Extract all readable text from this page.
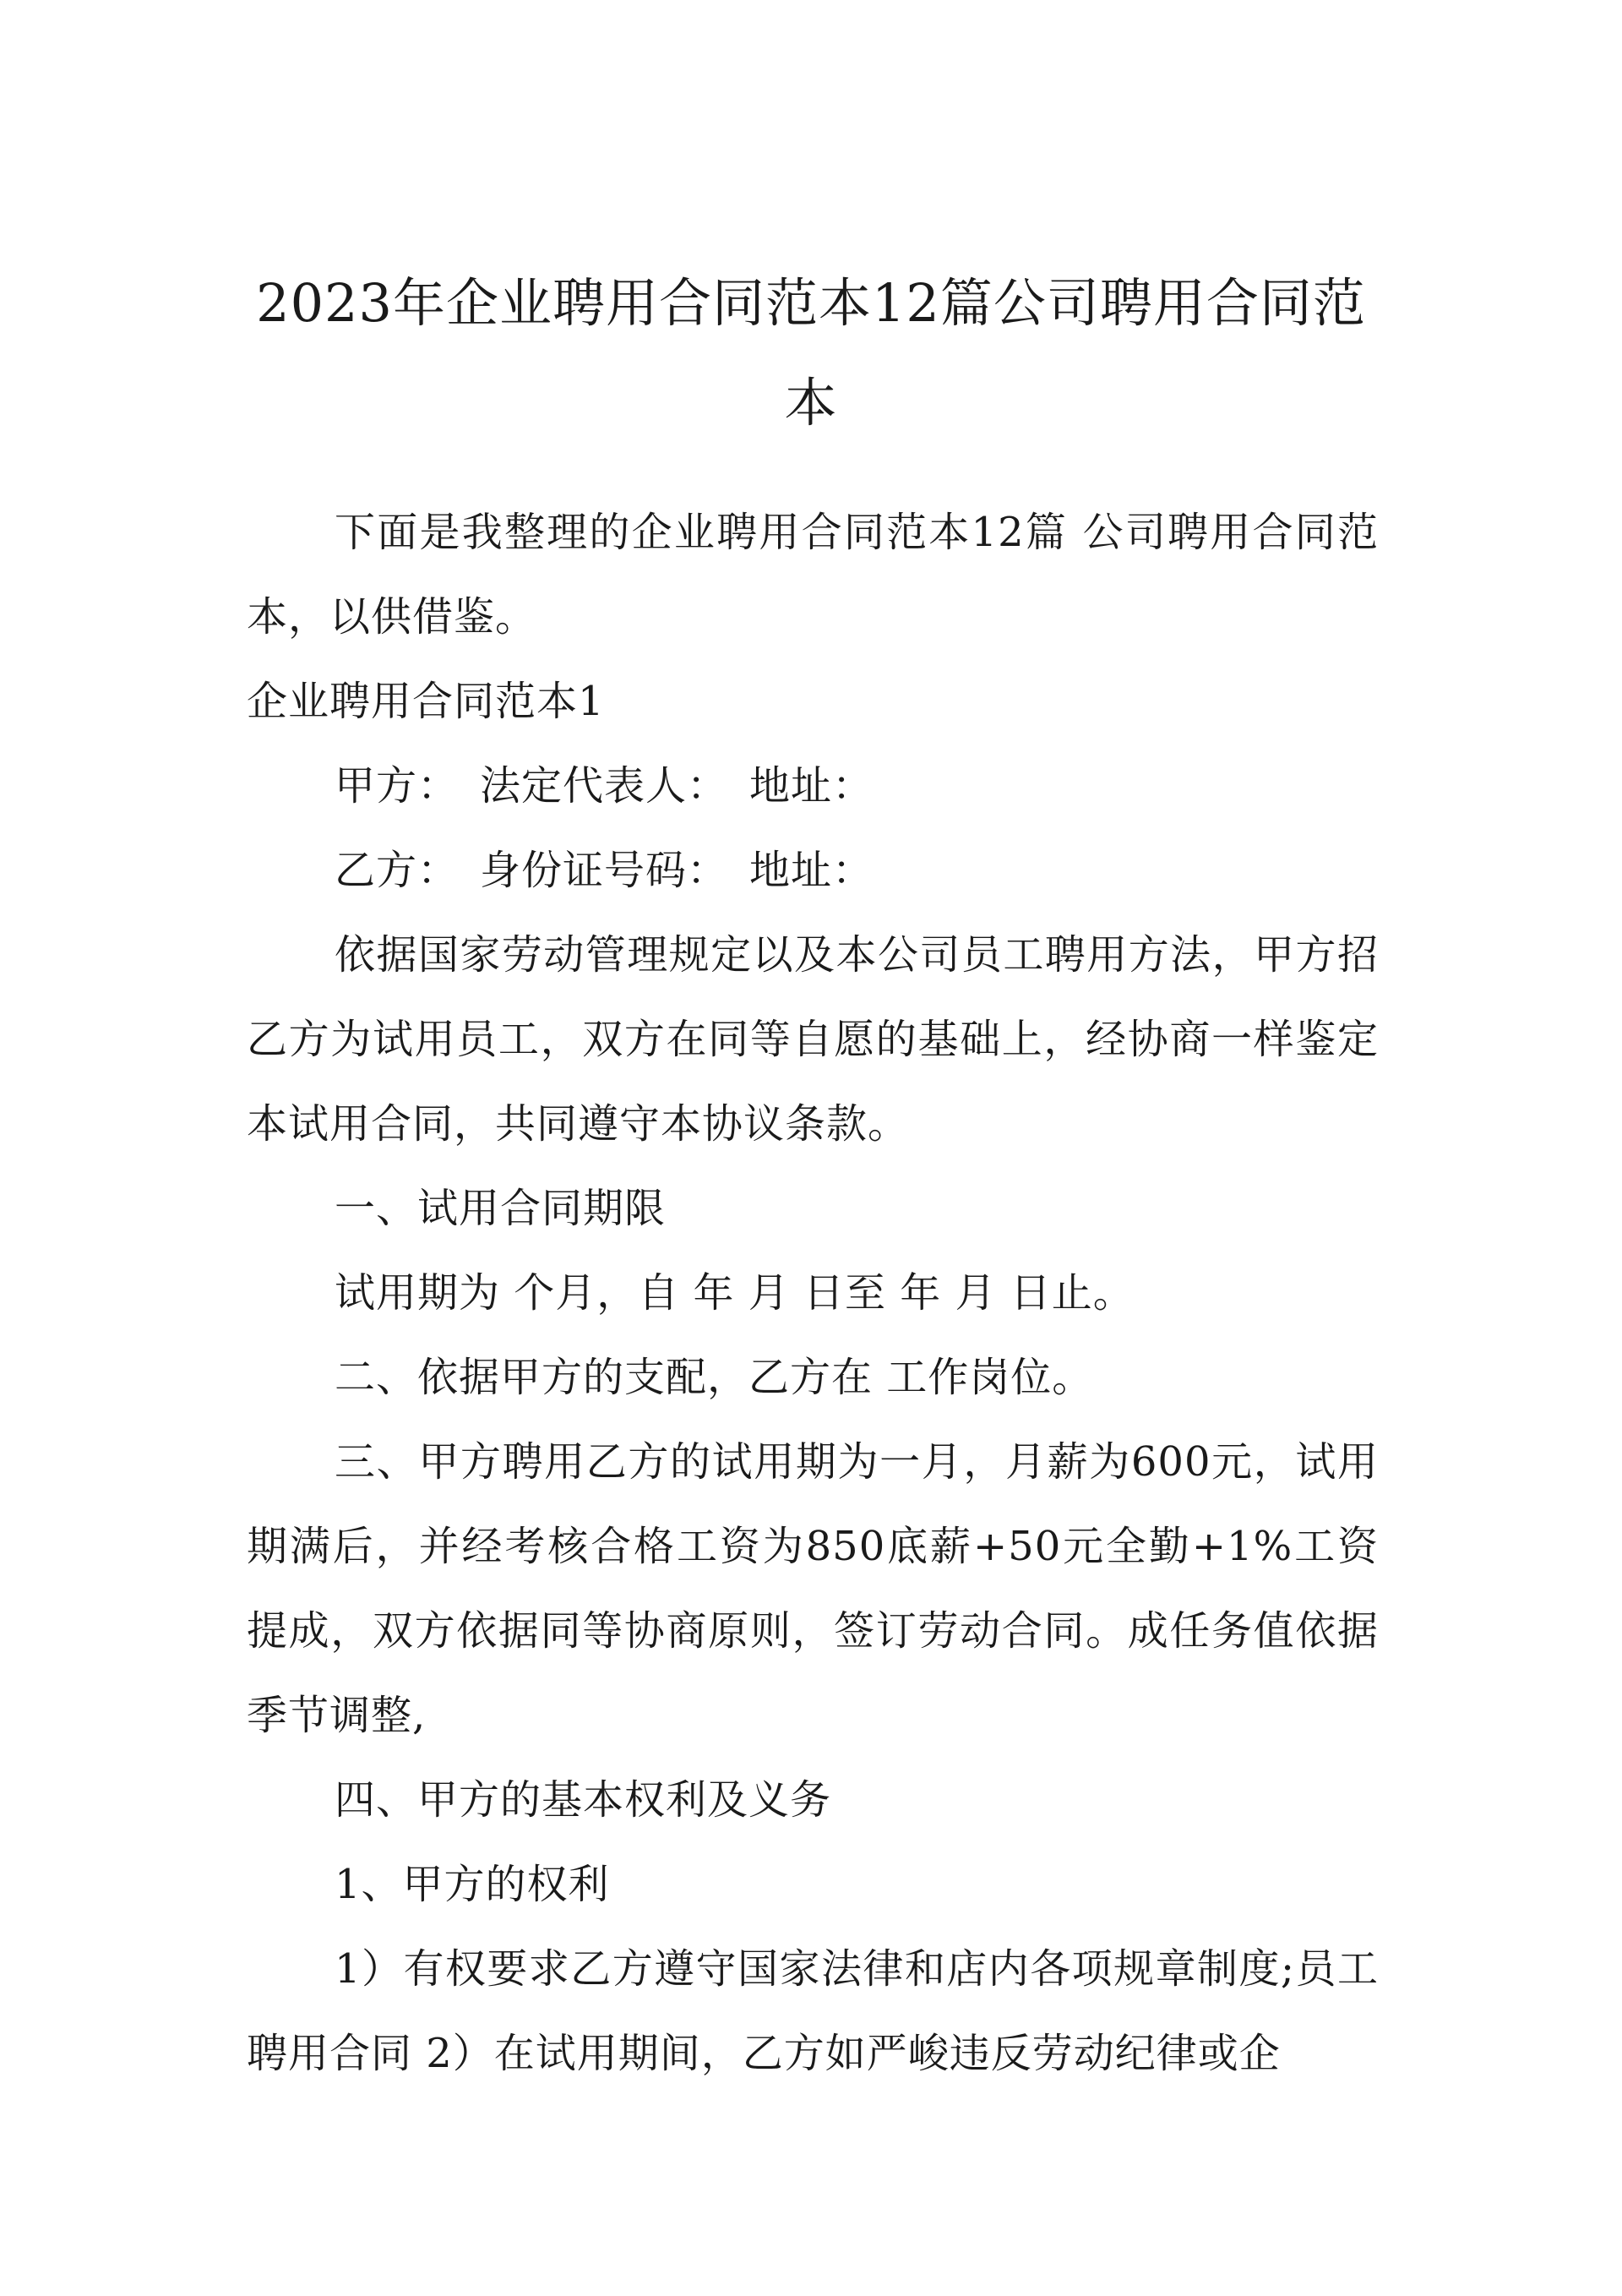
2023年企业聘用合同范本12篇公司聘用合同范本

下面是我整理的企业聘用合同范本12篇 公司聘用合同范本，以供借鉴。

企业聘用合同范本1

甲方：　法定代表人：　地址：

乙方：　身份证号码：　地址：

依据国家劳动管理规定以及本公司员工聘用方法，甲方招乙方为试用员工，双方在同等自愿的基础上，经协商一样鉴定本试用合同，共同遵守本协议条款。

一、试用合同期限

试用期为 个月，自 年 月 日至 年 月 日止。

二、依据甲方的支配，乙方在 工作岗位。

三、甲方聘用乙方的试用期为一月，月薪为600元，试用期满后，并经考核合格工资为850底薪+50元全勤+1%工资提成，双方依据同等协商原则，签订劳动合同。成任务值依据季节调整,

四、甲方的基本权利及义务

1、甲方的权利

1）有权要求乙方遵守国家法律和店内各项规章制度;员工聘用合同 2）在试用期间，乙方如严峻违反劳动纪律或企
